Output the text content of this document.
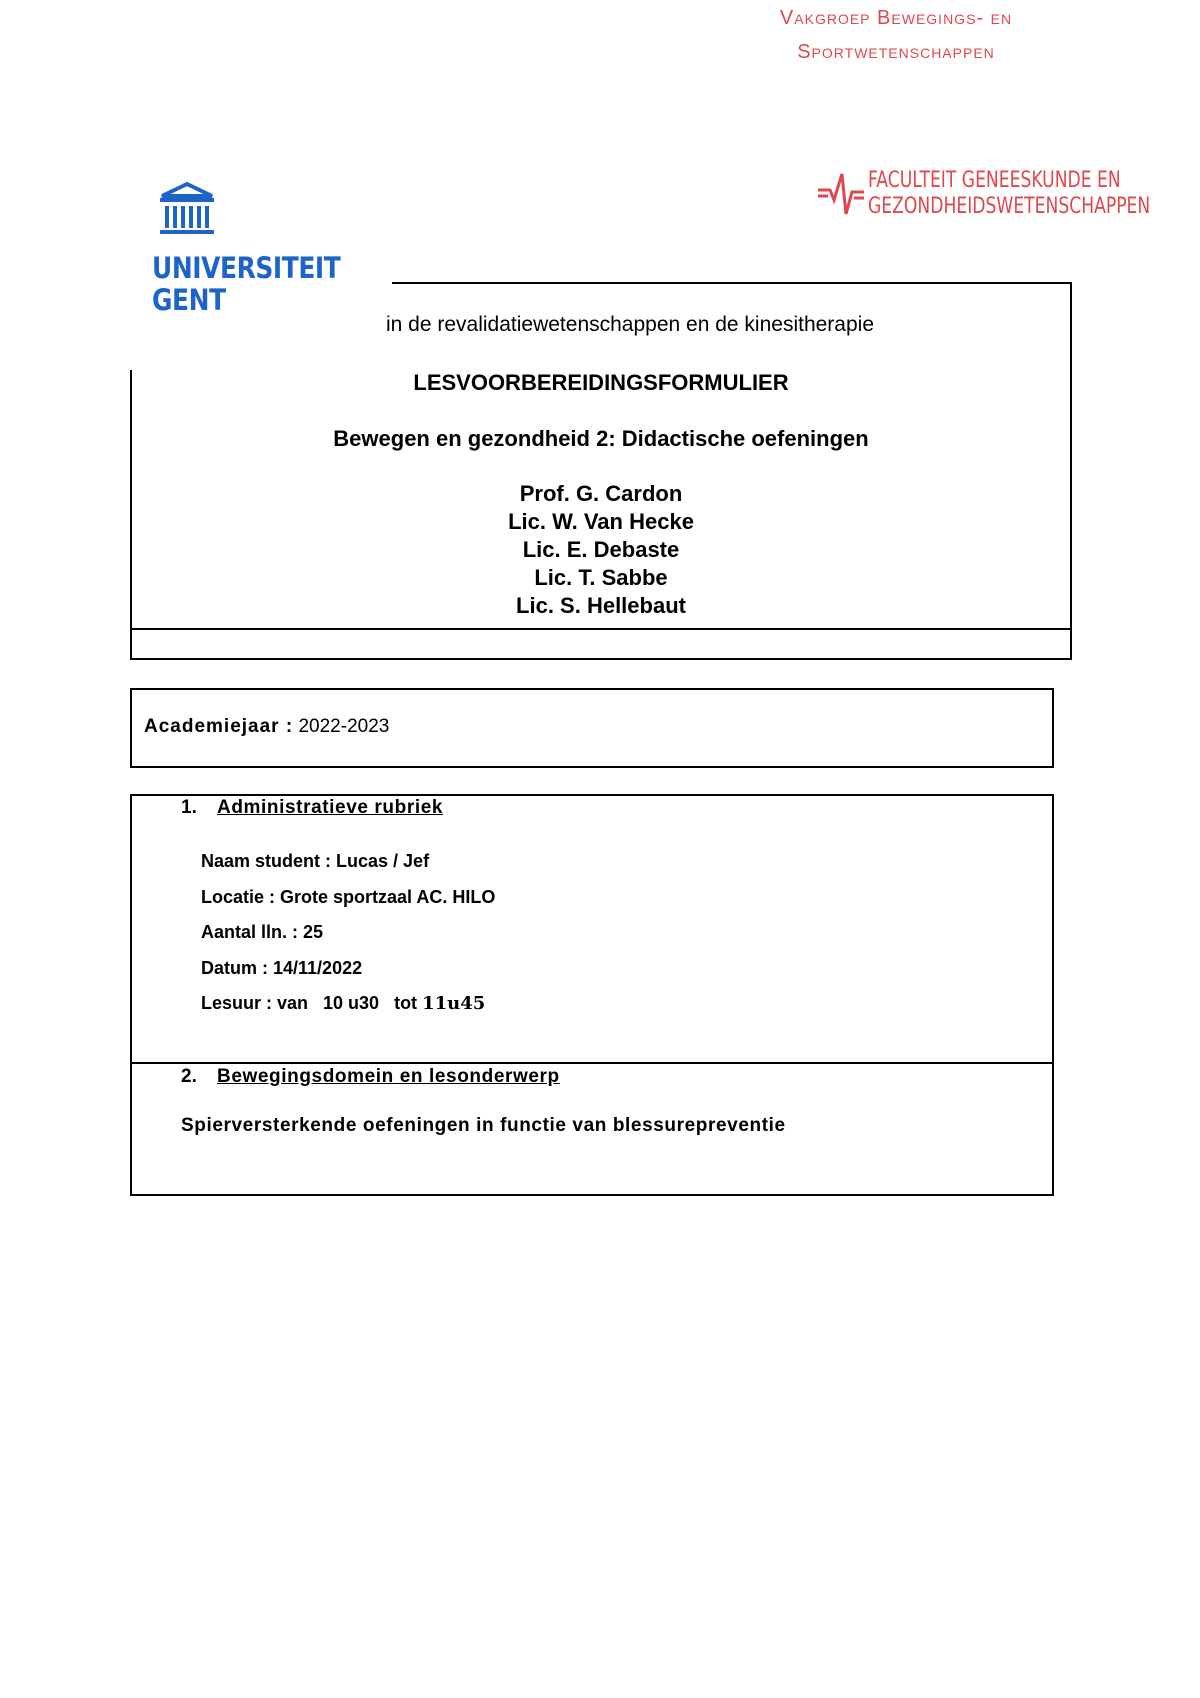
Vakgroep Bewegings- en
Sportwetenschappen
UNIVERSITEIT
GENT
FACULTEIT GENEESKUNDE EN
GEZONDHEIDSWETENSCHAPPEN
in de revalidatiewetenschappen en de kinesitherapie
LESVOORBEREIDINGSFORMULIER
Bewegen en gezondheid 2: Didactische oefeningen
Prof. G. Cardon
Lic. W. Van Hecke
Lic. E. Debaste
Lic. T. Sabbe
Lic. S. Hellebaut
Academiejaar : 2022-2023
1. Administratieve rubriek
Naam student : Lucas / Jef
Locatie : Grote sportzaal AC. HILO
Aantal lln. : 25
Datum : 14/11/2022
Lesuur : van   10 u30   tot 11u45
2. Bewegingsdomein en lesonderwerp
Spierversterkende oefeningen in functie van blessurepreventie
